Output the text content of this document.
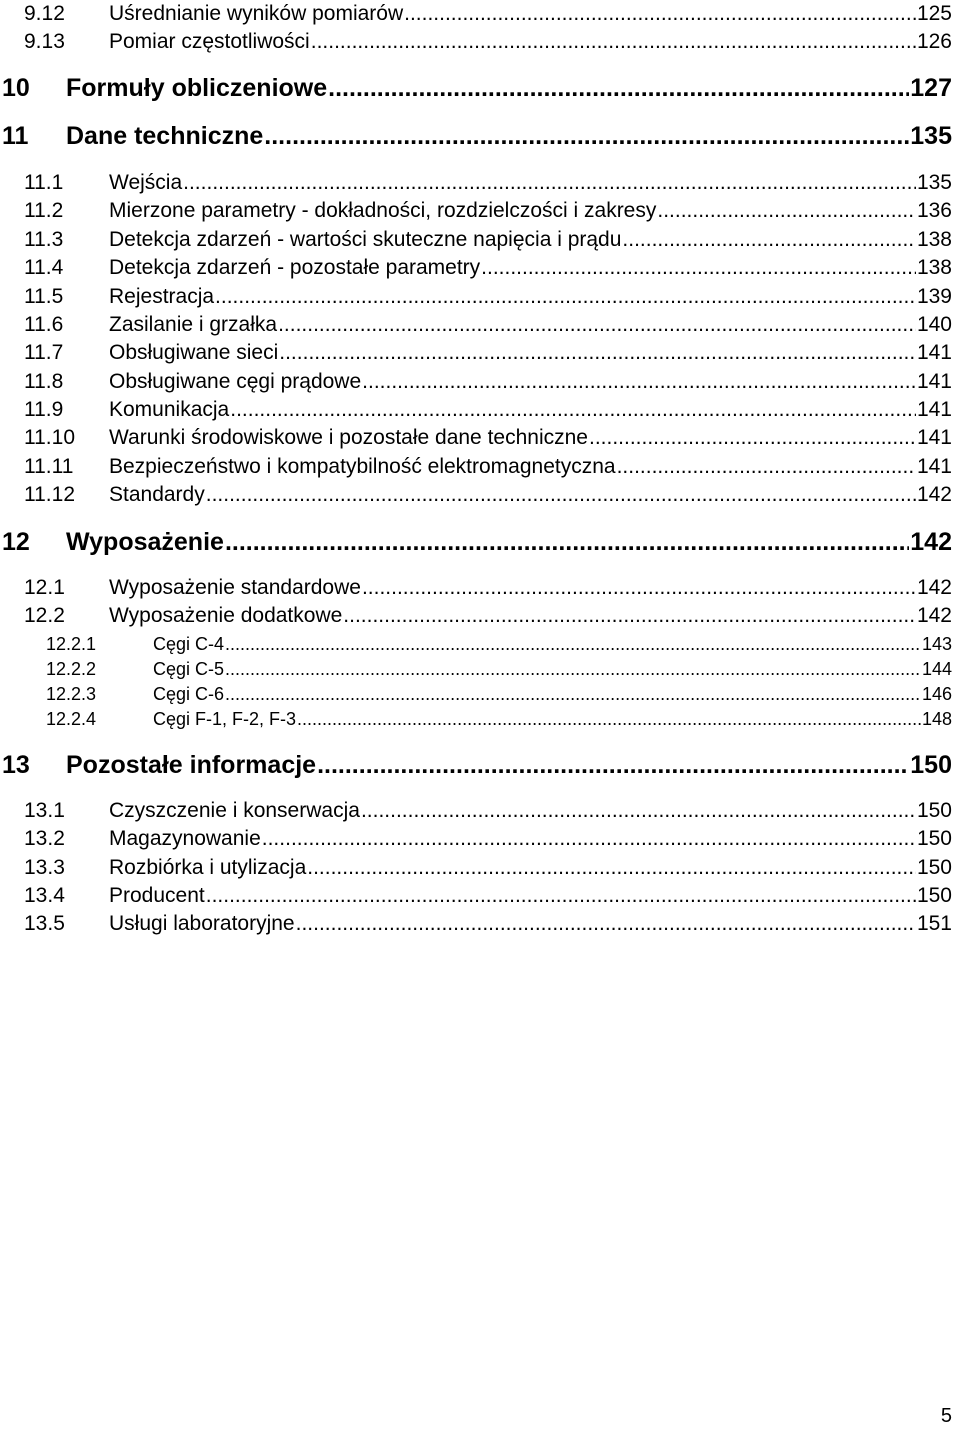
9.12 Uśrednianie wyników pomiarów .....	125
9.13 Pomiar częstotliwości .....	126
10 Formuły obliczeniowe .....	127
11 Dane techniczne .....	135
11.1 Wejścia .....	135
11.2 Mierzone parametry - dokładności, rozdzielczości i zakresy .....	136
11.3 Detekcja zdarzeń - wartości skuteczne napięcia i prądu .....	138
11.4 Detekcja zdarzeń - pozostałe parametry .....	138
11.5 Rejestracja .....	139
11.6 Zasilanie i grzałka .....	140
11.7 Obsługiwane sieci .....	141
11.8 Obsługiwane cęgi prądowe .....	141
11.9 Komunikacja .....	141
11.10 Warunki środowiskowe i pozostałe dane techniczne .....	141
11.11 Bezpieczeństwo i kompatybilność elektromagnetyczna .....	141
11.12 Standardy .....	142
12 Wyposażenie .....	142
12.1 Wyposażenie standardowe .....	142
12.2 Wyposażenie dodatkowe .....	142
12.2.1	Cęgi C-4 .....	143
12.2.2	Cęgi C-5 .....	144
12.2.3	Cęgi C-6 .....	146
12.2.4	Cęgi F-1, F-2, F-3 .....	148
13 Pozostałe informacje .....	150
13.1 Czyszczenie i konserwacja .....	150
13.2 Magazynowanie .....	150
13.3 Rozbiórka i utylizacja .....	150
13.4 Producent .....	150
13.5 Usługi laboratoryjne .....	151
5
